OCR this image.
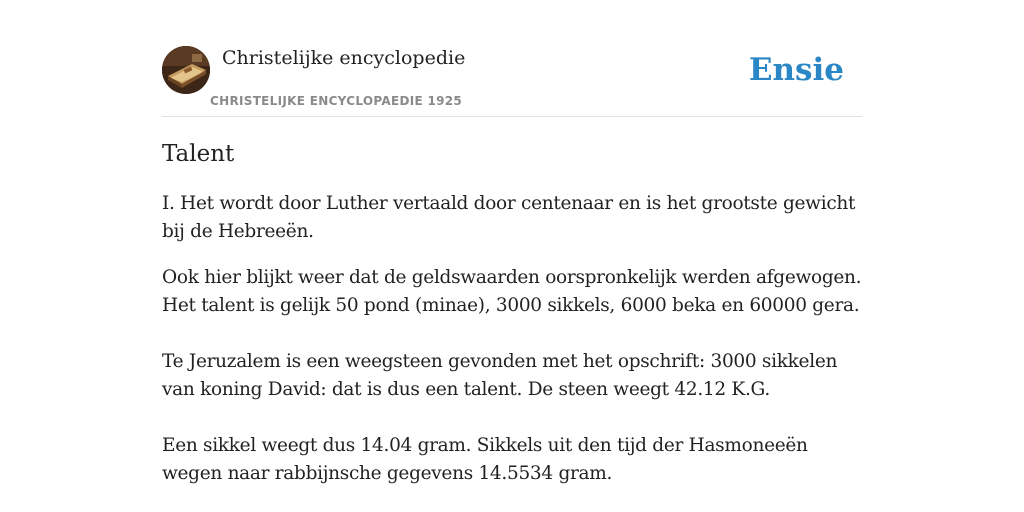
Christelijke encyclopedie
CHRISTELIJKE ENCYCLOPAEDIE 1925
Ensie
Talent

I. Het wordt door Luther vertaald door centenaar en is het grootste gewicht bij de Hebreeën.

Ook hier blijkt weer dat de geldswaarden oorspronkelijk werden afgewogen. Het talent is gelijk 50 pond (minae), 3000 sikkels, 6000 beka en 60000 gera.

Te Jeruzalem is een weegsteen gevonden met het opschrift: 3000 sikkelen van koning David: dat is dus een talent. De steen weegt 42.12 K.G.

Een sikkel weegt dus 14.04 gram. Sikkels uit den tijd der Hasmoneeën wegen naar rabbijnsche gegevens 14.5534 gram.
